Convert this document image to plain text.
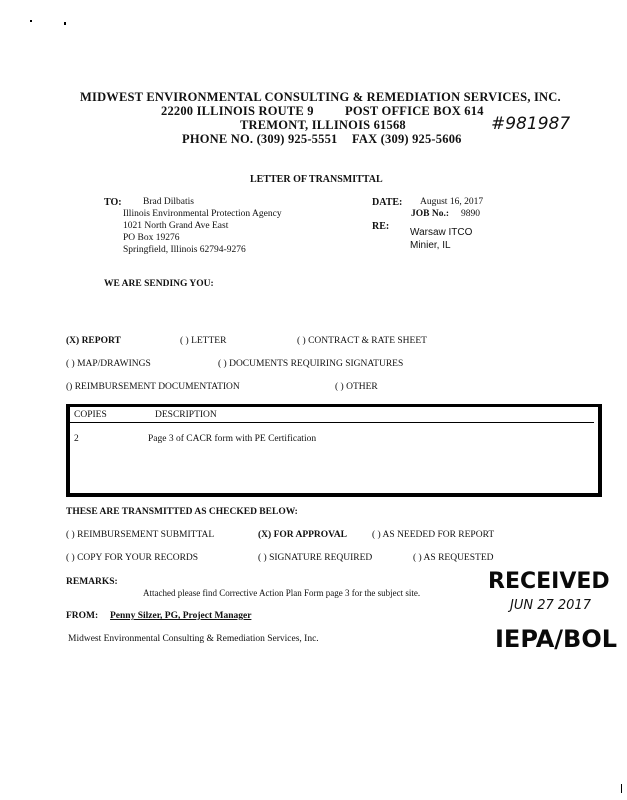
MIDWEST ENVIRONMENTAL CONSULTING & REMEDIATION SERVICES, INC.
22200 ILLINOIS ROUTE 9	POST OFFICE BOX 614
TREMONT, ILLINOIS 61568
PHONE NO. (309) 925-5551 FAX (309) 925-5606
#981987
LETTER OF TRANSMITTAL
TO: Brad Dilbatis
Illinois Environmental Protection Agency
1021 North Grand Ave East
PO Box 19276
Springfield, Illinois 62794-9276
DATE: August 16, 2017
JOB No.: 9890
RE:
Warsaw ITCO
Minier, IL
WE ARE SENDING YOU:
(X) REPORT	( ) LETTER	( ) CONTRACT & RATE SHEET
( ) MAP/DRAWINGS	( ) DOCUMENTS REQUIRING SIGNATURES
() REIMBURSEMENT DOCUMENTATION	( ) OTHER
COPIES	DESCRIPTION
2	Page 3 of CACR form with PE Certification
THESE ARE TRANSMITTED AS CHECKED BELOW:
( ) REIMBURSEMENT SUBMITTAL	(X) FOR APPROVAL	( ) AS NEEDED FOR REPORT
( ) COPY FOR YOUR RECORDS	( ) SIGNATURE REQUIRED	( ) AS REQUESTED
REMARKS:
Attached please find Corrective Action Plan Form page 3 for the subject site.
FROM: Penny Silzer, PG, Project Manager
Midwest Environmental Consulting & Remediation Services, Inc.
RECEIVED
JUN 27 2017
IEPA/BOL
